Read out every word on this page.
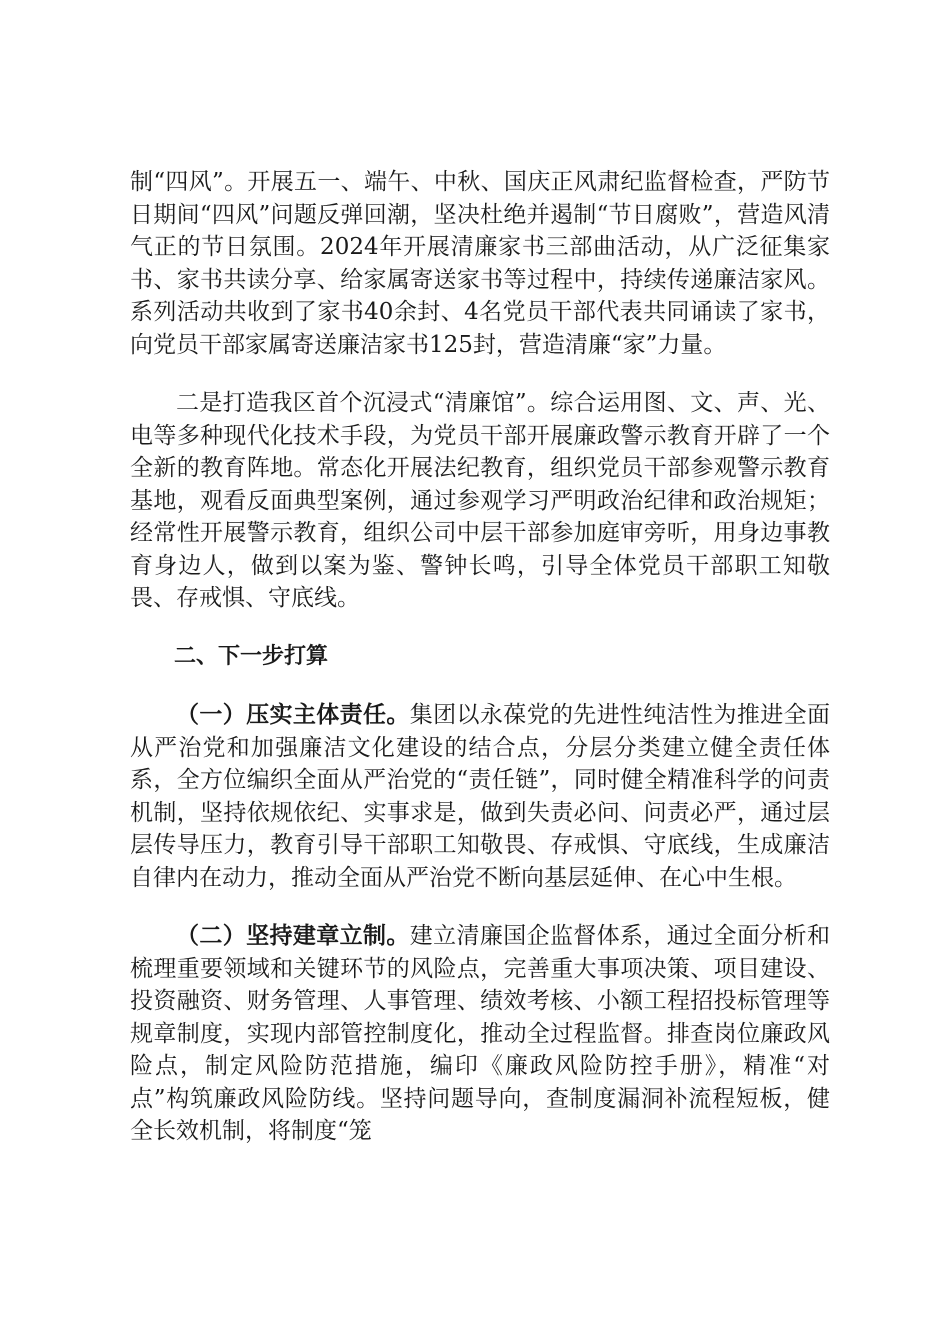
制“四风”。开展五一、端午、中秋、国庆正风肃纪监督检查，严防节日期间“四风”问题反弹回潮，坚决杜绝并遏制“节日腐败”，营造风清气正的节日氛围。2024年开展清廉家书三部曲活动，从广泛征集家书、家书共读分享、给家属寄送家书等过程中，持续传递廉洁家风。系列活动共收到了家书40余封、4名党员干部代表共同诵读了家书，向党员干部家属寄送廉洁家书125封，营造清廉“家”力量。

二是打造我区首个沉浸式“清廉馆”。综合运用图、文、声、光、电等多种现代化技术手段，为党员干部开展廉政警示教育开辟了一个全新的教育阵地。常态化开展法纪教育，组织党员干部参观警示教育基地，观看反面典型案例，通过参观学习严明政治纪律和政治规矩；经常性开展警示教育，组织公司中层干部参加庭审旁听，用身边事教育身边人，做到以案为鉴、警钟长鸣，引导全体党员干部职工知敬畏、存戒惧、守底线。

二、下一步打算

（一）压实主体责任。集团以永葆党的先进性纯洁性为推进全面从严治党和加强廉洁文化建设的结合点，分层分类建立健全责任体系，全方位编织全面从严治党的“责任链”，同时健全精准科学的问责机制，坚持依规依纪、实事求是，做到失责必问、问责必严，通过层层传导压力，教育引导干部职工知敬畏、存戒惧、守底线，生成廉洁自律内在动力，推动全面从严治党不断向基层延伸、在心中生根。

（二）坚持建章立制。建立清廉国企监督体系，通过全面分析和梳理重要领域和关键环节的风险点，完善重大事项决策、项目建设、投资融资、财务管理、人事管理、绩效考核、小额工程招投标管理等规章制度，实现内部管控制度化，推动全过程监督。排查岗位廉政风险点，制定风险防范措施，编印《廉政风险防控手册》，精准“对点”构筑廉政风险防线。坚持问题导向，查制度漏洞补流程短板，健全长效机制，将制度“笼
